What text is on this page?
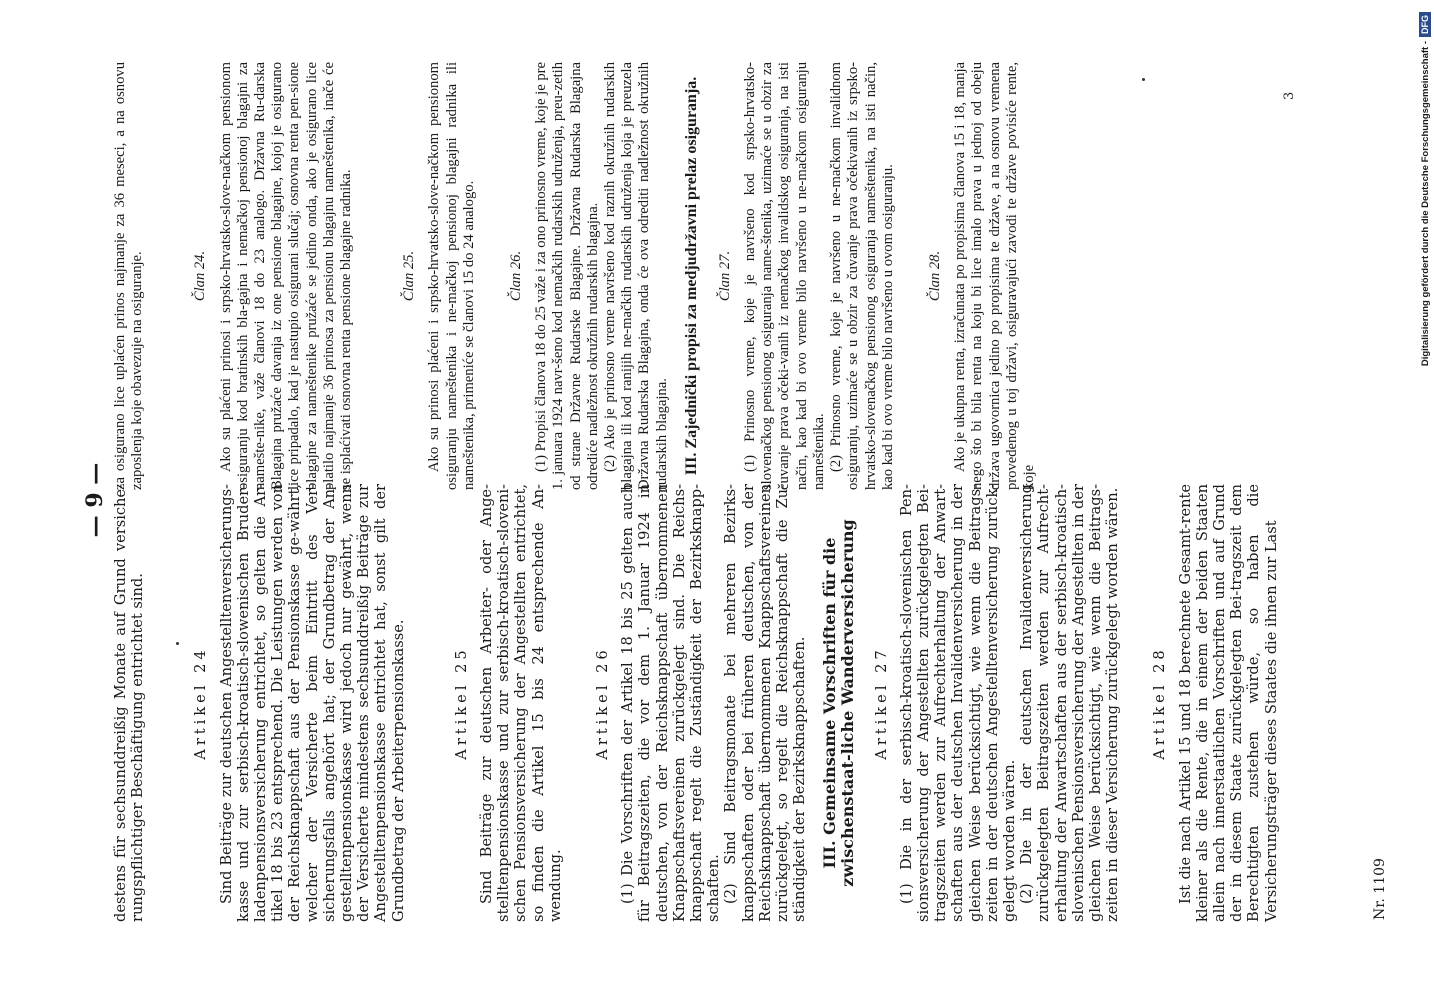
— 9 — destens für sechsunddreißig Monate auf Grund versiche-rungspflichtiger Beschäftigung entrichtet sind.	Artikel 24 Sind Beiträge zur deutschen Angestelltenversicherungs-kasse und zur serbisch-kroatisch-slowenischen Bruder-ladenpensionsversicherung entrichtet, so gelten die Ar-tikel 18 bis 23 entsprechend. Die Leistungen werden von der Reichsknappschaft aus der Pensionskasse ge-währt, welcher der Versicherte beim Eintritt des Ver-sicherungsfalls angehört hat; der Grundbetrag der An-gestelltenpensionskasse wird jedoch nur gewährt, wenn der Versicherte mindestens sechsunddreißig Beiträge zur Angestelltenpensionskasse entrichtet hat, sonst gilt der Grundbetrag der Arbeiterpensionskasse.	Artikel 25 Sind Beiträge zur deutschen Arbeiter- oder Ange-stelltenpensionskasse und zur serbisch-kroatisch-sloveni-schen Pensionsversicherung der Angestellten entrichtet, so finden die Artikel 15 bis 24 entsprechende An-wendung.

Artikel 26 (1) Die Vorschriften der Artikel 18 bis 25 gelten auch für Beitragszeiten, die vor dem 1. Januar 1924 in deutschen, von der Reichsknappschaft übernommenen Knappschaftsvereinen zurückgelegt sind. Die Reichs-knappschaft regelt die Zuständigkeit der Bezirksknapp-schaften. (2) Sind Beitragsmonate bei mehreren Bezirks-knappschaften oder bei früheren deutschen, von der Reichsknappschaft übernommenen Knappschaftsvereinen zurückgelegt, so regelt die Reichsknappschaft die Zu-ständigkeit der Bezirksknappschaften. III. Gemeinsame Vorschriften für die zwischenstaat-liche Wanderversicherung Artikel 27 (1) Die in der serbisch-kroatisch-slovenischen Pen-sionsversicherung der Angestellten zurückgelegten Bei-tragszeiten werden zur Aufrechterhaltung der Anwart-schaften aus der deutschen Invalidenversicherung in der gleichen Weise berücksichtigt, wie wenn die Beitrags-zeiten in der deutschen Angestelltenversicherung zurück-gelegt worden wären. (2) Die in der deutschen Invalidenversicherung zurückgelegten Beitragszeiten werden zur Aufrecht-erhaltung der Anwartschaften aus der serbisch-kroatisch-slovenischen Pensionsversicherung der Angestellten in der gleichen Weise berücksichtigt, wie wenn die Beitrags-zeiten in dieser Versicherung zurückgelegt worden wären. Artikel 28 Ist die nach Artikel 15 und 18 berechnete Gesamt-rente kleiner als die Rente, die in einem der beiden Staaten allein nach innerstaatlichen Vorschriften und auf Grund der in diesem Staate zurückgelegten Bei-tragszeit dem Berechtigten zustehen würde, so haben die Versicherungsträger dieses Staates die ihnen zur Last

za osigurano lice uplaćen prinos najmanje za 36 meseci, a na osnovu zaposlenja koje obavezuje na osiguranje.	Član 24. Ako su plaćeni prinosi i srpsko-hrvatsko-slove-načkom pensionom osiguranju kod bratinskih bla-gajna i nemačkoj pensionoj blagajni za namešte-nike, važe članovi 18 do 23 analogo. Državna Ru-darska Blagajna pružaće davanja iz one pensione blagajne, kojoj je osigurano lice pripadalo, kad je nastupio osigurani slučaj; osnovna renta pen-sione blagajne za nameštenike pružaće se jedino onda, ako je osigurano lice platilo najmanje 36 prinosa za pensionu blagajnu nameštenika, inače će se isplaćivati osnovna renta pensione blagajne radnika.	Član 25. Ako su prinosi plaćeni i srpsko-hrvatsko-slove-načkom pensionom osiguranju nameštenika i ne-mačkoj pensionoj blagajni radnika ili nameštenika, primeniće se članovi 15 do 24 analogo. Član 26. (1) Propisi članova 18 do 25 važe i za ono prinosno vreme, koje je pre 1. januara 1924 navr-šeno kod nemačkih rudarskih udruženja, preu-zetih od strane Državne Rudarske Blagajne. Državna Rudarska Blagajna odrediće nadležnost okružnih rudarskih blagajna. (2) Ako je prinosno vreme navršeno kod raznih okružnih rudarskih blagajna ili kod ranijih ne-mačkih rudarskih udruženja koja je preuzela Državna Rudarska Blagajna, onda će ova odrediti nadležnost okružnih rudarskih blagajna. III. Zajednički propisi za medjudržavni prelaz osiguranja. Član 27. (1) Prinosno vreme, koje je navršeno kod srpsko-hrvatsko-slovenačkog pensionog osiguranja name-štenika, uzimaće se u obzir za čuvanje prava očeki-vanih iz nemačkog invalidskog osiguranja, na isti način, kao kad bi ovo vreme bilo navršeno u ne-mačkom osiguranju nameštenika. (2) Prinosno vreme, koje je navršeno u ne-mačkom invalidnom osiguranju, uzimaće se u obzir za čuvanje prava očekivanih iz srpsko-hrvatsko-slovenačkog pensionog osiguranja nameštenika, na isti način, kao kad bi ovo vreme bilo navršeno u ovom osiguranju. Član 28. Ako je ukupna renta, izračunata po propisima članova 15 i 18, manja nego što bi bila renta na koju bi lice imalo prava u jednoj od obeju država ugovornica jedino po propisima te države, a na osnovu vremena provedenog u toj državi, osiguravajući zavodi te države povisiće rente, koje

Nr. 1109
3	Digitalisierung gefördert durch die Deutsche Forschungsgemeinschaft -DFG
